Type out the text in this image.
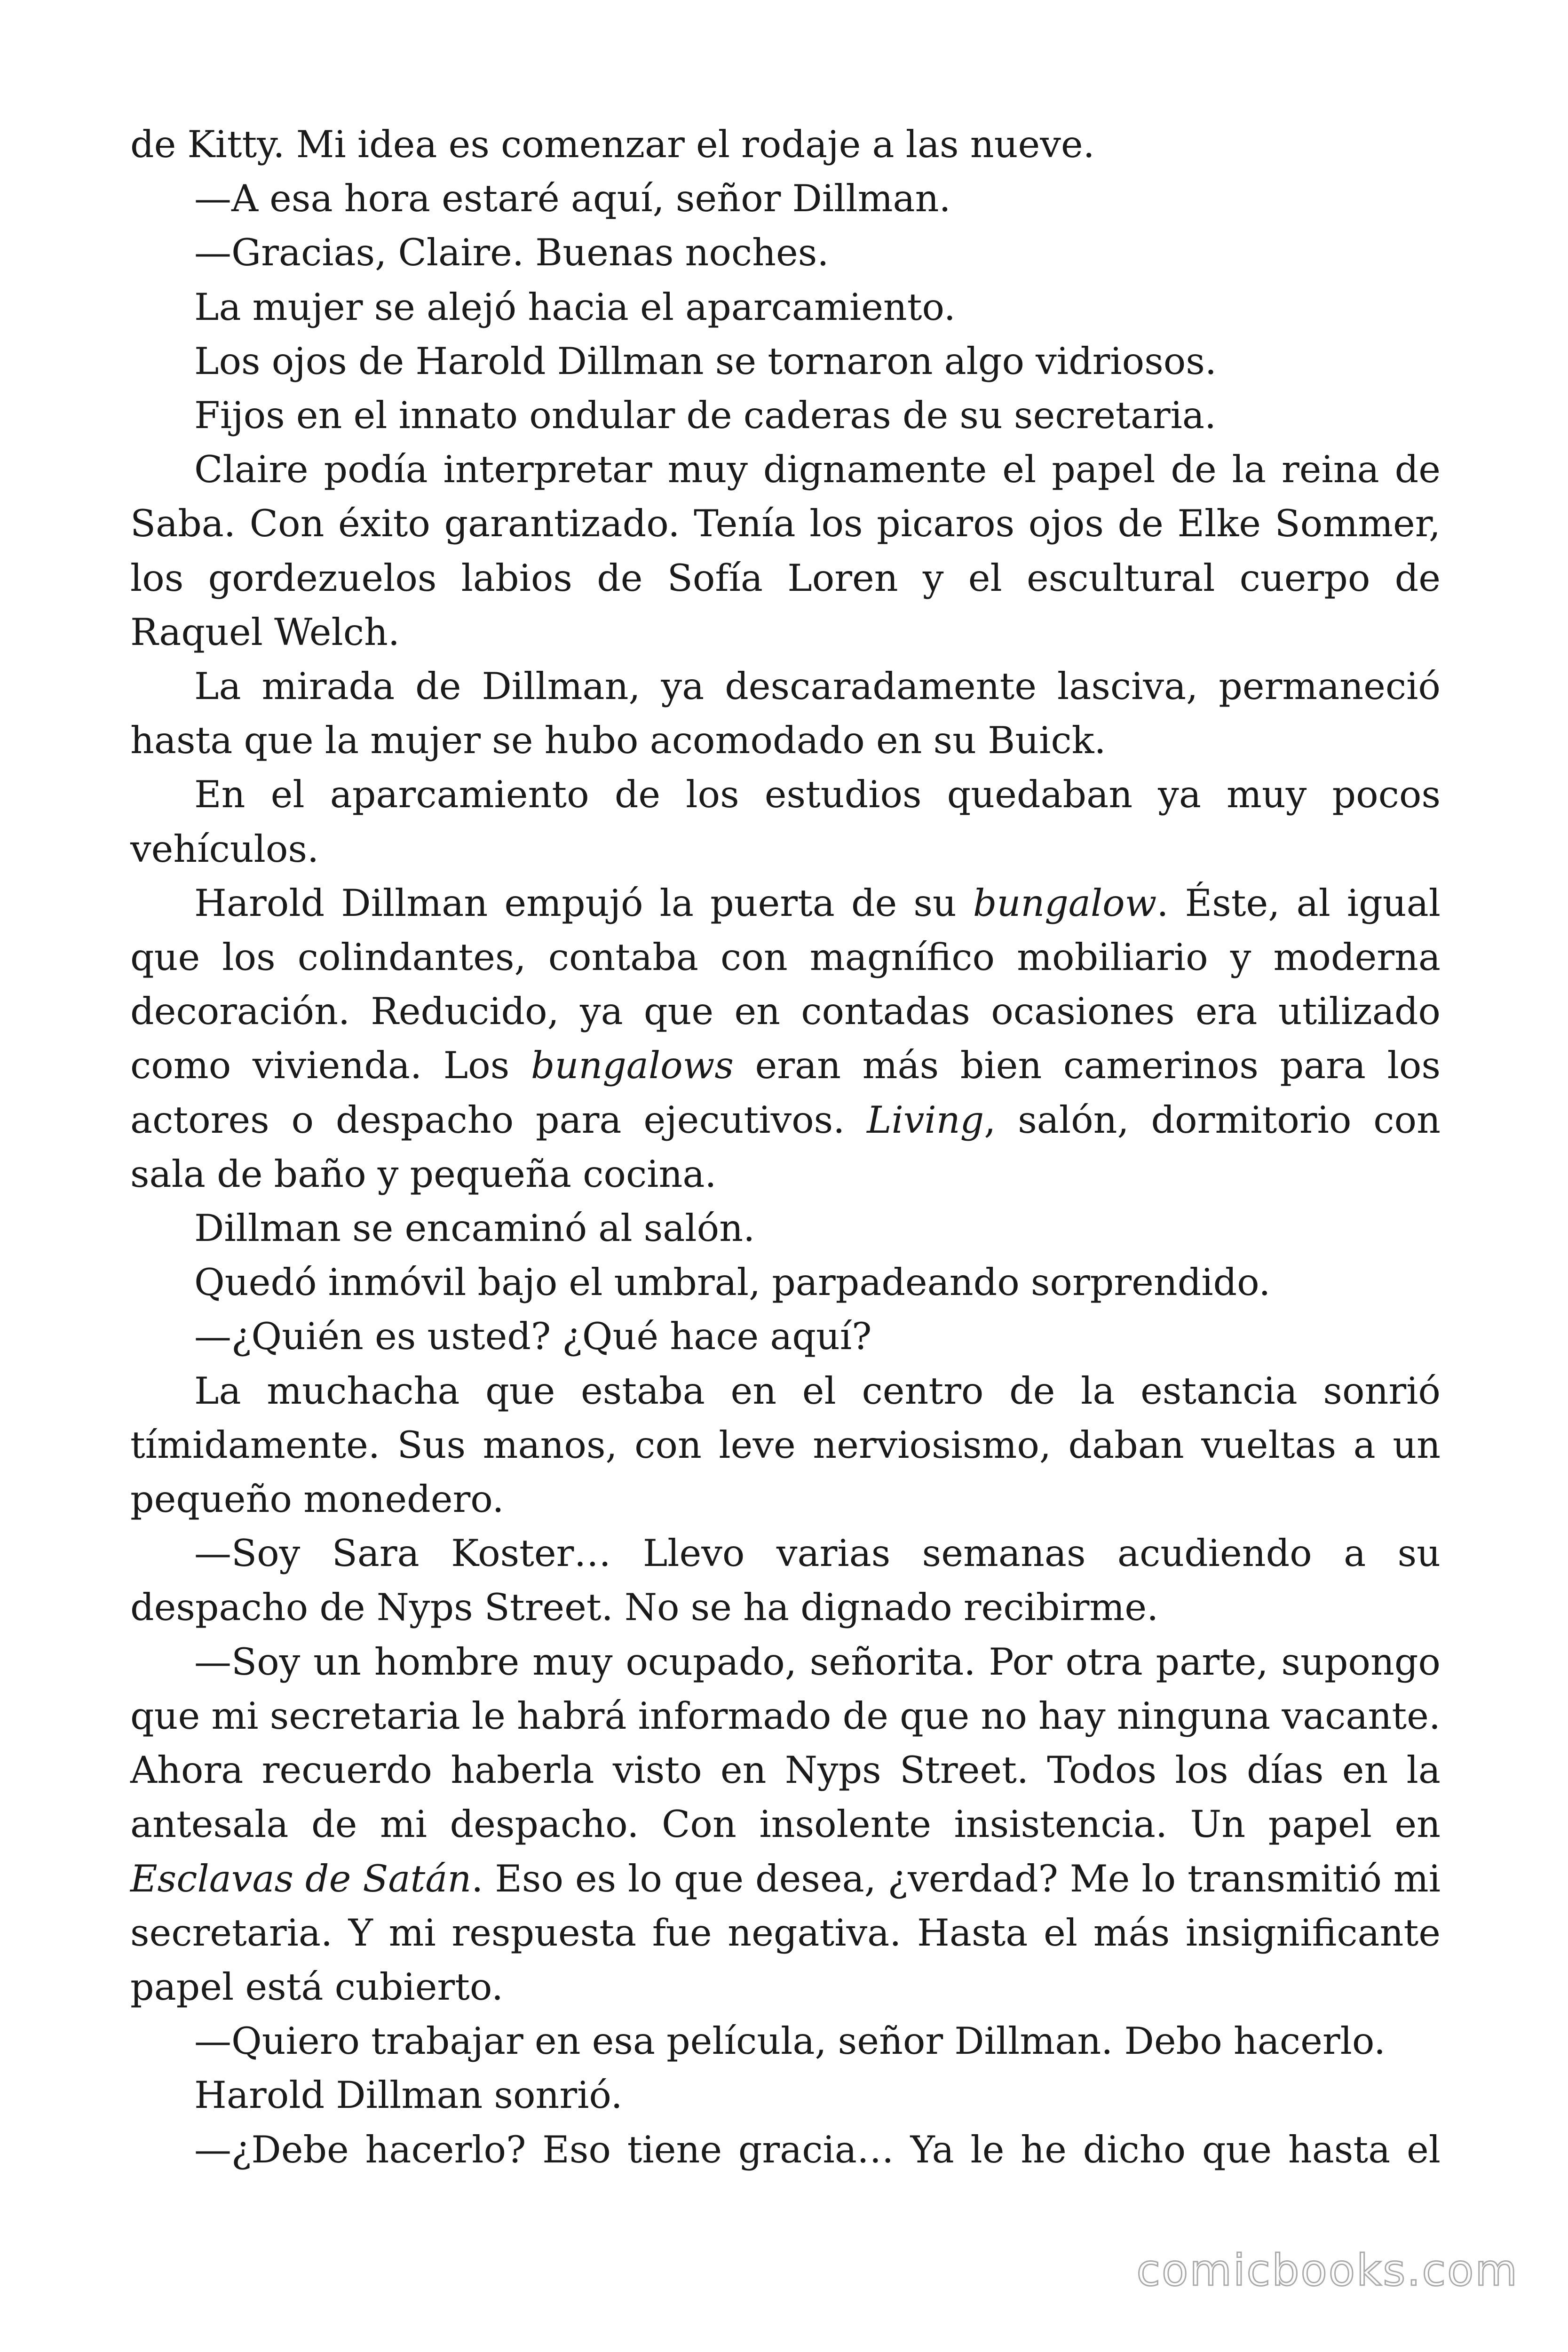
de Kitty. Mi idea es comenzar el rodaje a las nueve.

—A esa hora estaré aquí, señor Dillman.

—Gracias, Claire. Buenas noches.

La mujer se alejó hacia el aparcamiento.

Los ojos de Harold Dillman se tornaron algo vidriosos.

Fijos en el innato ondular de caderas de su secretaria.

Claire podía interpretar muy dignamente el papel de la reina de Saba. Con éxito garantizado. Tenía los picaros ojos de Elke Sommer, los gordezuelos labios de Sofía Loren y el escultural cuerpo de Raquel Welch.

La mirada de Dillman, ya descaradamente lasciva, permaneció hasta que la mujer se hubo acomodado en su Buick.

En el aparcamiento de los estudios quedaban ya muy pocos vehículos.

Harold Dillman empujó la puerta de su bungalow. Éste, al igual que los colindantes, contaba con magnífico mobiliario y moderna decoración. Reducido, ya que en contadas ocasiones era utilizado como vivienda. Los bungalows eran más bien camerinos para los actores o despacho para ejecutivos. Living, salón, dormitorio con sala de baño y pequeña cocina.

Dillman se encaminó al salón.

Quedó inmóvil bajo el umbral, parpadeando sorprendido.

—¿Quién es usted? ¿Qué hace aquí?

La muchacha que estaba en el centro de la estancia sonrió tímidamente. Sus manos, con leve nerviosismo, daban vueltas a un pequeño monedero.

—Soy Sara Koster… Llevo varias semanas acudiendo a su despacho de Nyps Street. No se ha dignado recibirme.

—Soy un hombre muy ocupado, señorita. Por otra parte, supongo que mi secretaria le habrá informado de que no hay ninguna vacante. Ahora recuerdo haberla visto en Nyps Street. Todos los días en la antesala de mi despacho. Con insolente insistencia. Un papel en Esclavas de Satán. Eso es lo que desea, ¿verdad? Me lo transmitió mi secretaria. Y mi respuesta fue negativa. Hasta el más insignificante papel está cubierto.

—Quiero trabajar en esa película, señor Dillman. Debo hacerlo.

Harold Dillman sonrió.

—¿Debe hacerlo? Eso tiene gracia… Ya le he dicho que hasta el

comicbooks.com
